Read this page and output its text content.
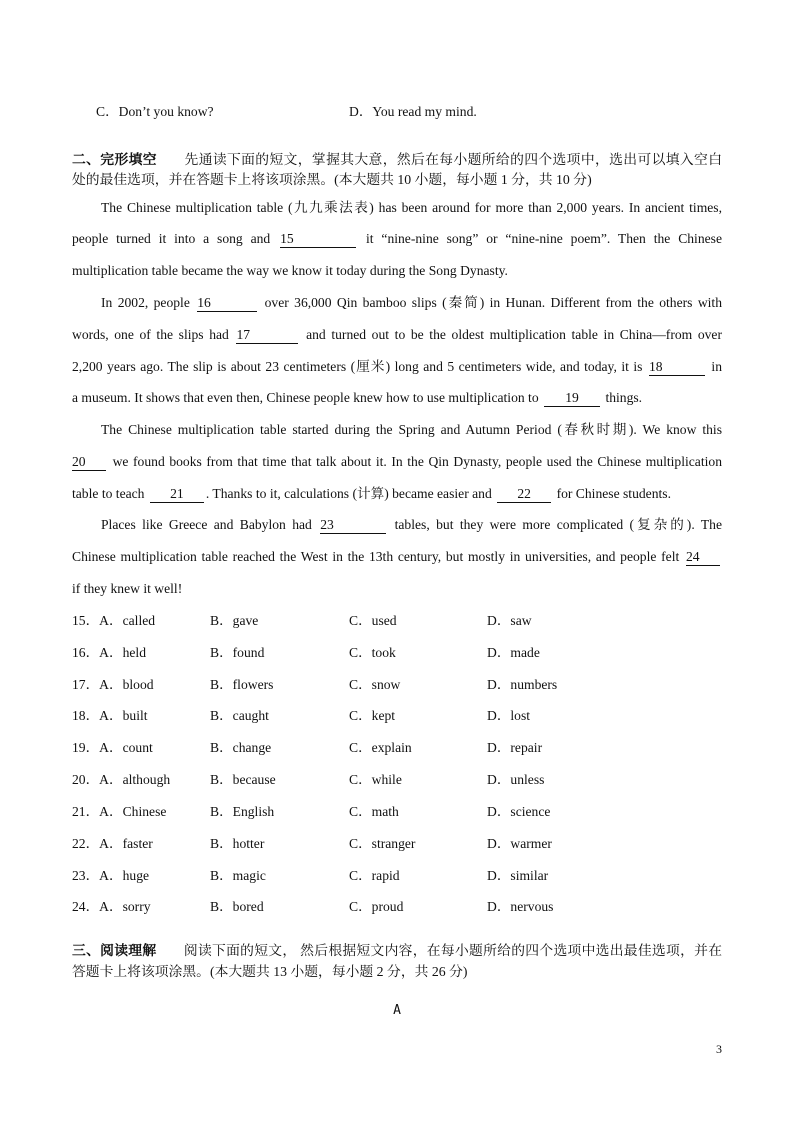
C．Don’t you know?	D．You read my mind.
二、完形填空 先通读下面的短文，掌握其大意，然后在每小题所给的四个选项中，选出可以填入空白
处的最佳选项，并在答题卡上将该项涂黑。(本大题共 10 小题，每小题 1 分，共 10 分)
The Chinese multiplication table (九九乘法表) has been around for more than 2,000 years. In ancient times,
people turned it into a song and 15	it “nine-nine song” or “nine-nine poem”. Then the Chinese
multiplication table became the way we know it today during the Song Dynasty.
In 2002, people 16	over 36,000 Qin bamboo slips (秦简) in Hunan. Different from the others with
words, one of the slips had 17	and turned out to be the oldest multiplication table in China—from over
2,200 years ago. The slip is about 23 centimeters (厘米) long and 5 centimeters wide, and today, it is 18	in
a museum. It shows that even then, Chinese people knew how to use multiplication to 19 things.
The Chinese multiplication table started during the Spring and Autumn Period (春秋时期). We know this
20 we found books from that time that talk about it. In the Qin Dynasty, people used the Chinese multiplication
table to teach 21 . Thanks to it, calculations (计算) became easier and 22 for Chinese students.
Places like Greece and Babylon had 23	tables, but they were more complicated (复杂的). The
Chinese multiplication table reached the West in the 13th century, but mostly in universities, and people felt 24
if they knew it well!
15．A．called	B．gave	C．used	D．saw
16．A．held	B．found	C．took	D．made
17．A．blood	B．flowers	C．snow	D．numbers
18．A．built	B．caught	C．kept	D．lost
19．A．count	B．change	C．explain	D．repair
20．A．although	B．because	C．while	D．unless
21．A．Chinese	B．English	C．math	D．science
22．A．faster	B．hotter	C．stranger	D．warmer
23．A．huge	B．magic	C．rapid	D．similar
24．A．sorry	B．bored	C．proud	D．nervous
三、阅读理解 阅读下面的短文， 然后根据短文内容，在每小题所给的四个选项中选出最佳选项，并在
答题卡上将该项涂黑。(本大题共 13 小题，每小题 2 分，共 26 分)
A
3
